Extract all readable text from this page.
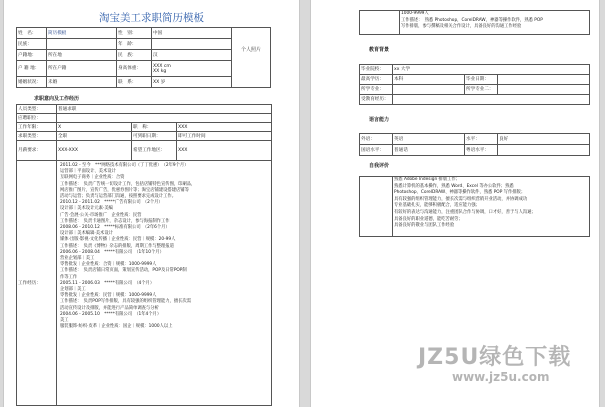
淘宝美工求职简历模板
姓　名：	简历模板	性　别：	中国
民族：		年　龄：	
户籍地：	所在地	民　族：	汉
户 籍 地：	所在户籍	身高体重：	XXX cm
XX kg
婚姻状况：	未婚	联　系：	XX 岁
个人照片
求职意向及工作经历
人员类型：	普通求职		
应聘职位：			
工作年限：	X	职　称：	XXX
求职类型：	全职	可到职日期：	即可工作时间
月薪要求：	XXX-XXX	希望工作地区：	XXX
工作经历：	
2011.02 - 至今　***网络技术有限公司（丁丁优惠）　（2年9个月）
运营部｜平面设计、美术设计
互联网电子商务｜企业性质：合资
工作描述：　负责广告统一切设计工作，包括店铺特色宣传图，印刷品，
网店推广图片，宣传广告，优惠券图片等；淘宝店铺建设搭建店铺等
活动与运营；负责与运营部门沟通，按照要求完成设计工作。
2010.12 - 2011.02　*****广告有限公司　（2个月）
设计部｜美术设计元素·美编
广告·会展·公关·市场推广　企业性质：民营
工作描述：　负责卡通图片，杂志设计，参与海报制作工作
2008.06 - 2010.12　*****标准有限公司　（2年6个月）
设计部｜美术编辑·美术设计
媒体·出版·影视·文化传播｜企业性质：民营｜规模：20-99人
工作描述：　负责《博物》杂志的排版，周期工作与整理报道
2006.06 - 2008.04　*****有限公司　（1年10个月）
营业企划部｜美工
零售批发｜企业性质：合资｜规模：1000-9999人
工作描述：　负责店铺日常页面，策划宣传活动，POP及日常POP制
作等工作
2005.11 - 2006.03　*****有限公司　（4个月）
企划部｜美工
零售批发｜企业性质：民营｜规模：1000-9999人
工作描述：　负责POP写作排版，具有较强的组织管理能力，擅长次需
活动宣传设计及排版，并能进行产品简单调查与分析
2004.06 - 2005.10　*****有限公司　（1年4个月）
美工
服装服饰·纺织·皮革｜企业性质：国企｜规模：1000人以上

1000-9999人
工作描述：　熟悉 Photoshop，CorelDRAW，神器等操作软件，熟悉 POP
写作排版，参与撰稿及相关合作设计，具备良好的沟通工作经验
教育背景
毕业院校：	xx 大学		
最高学历：	本科	毕业日期：	
所学专业：		所学专业二：	
受教育经历：			
语言能力
外语：	英语	水平：	良好
国语水平：	普通话	粤语水平：	
自我评价

熟悉 Adobe Indesign 排版工作；
熟悉计算机的基本操作，熟悉 Word、Excel 等办公软件；熟悉
Photoshop、CorelDRAW、神器等操作软件，熟悉 POP 写作排版；
具有较强的组织管理能力，擅长次需与组织营销开业活动，并协调成功
专业基础扎实，能够积极配合，适应能力强；
有较好的表达与沟通能力，注重团队合作与协调，口才好，善于与人沟通；
具备良好的职业道德，能吃苦耐劳；
具备良好的敬业与团队工作经验
JZ5U绿色下载
www.jz5u.com
